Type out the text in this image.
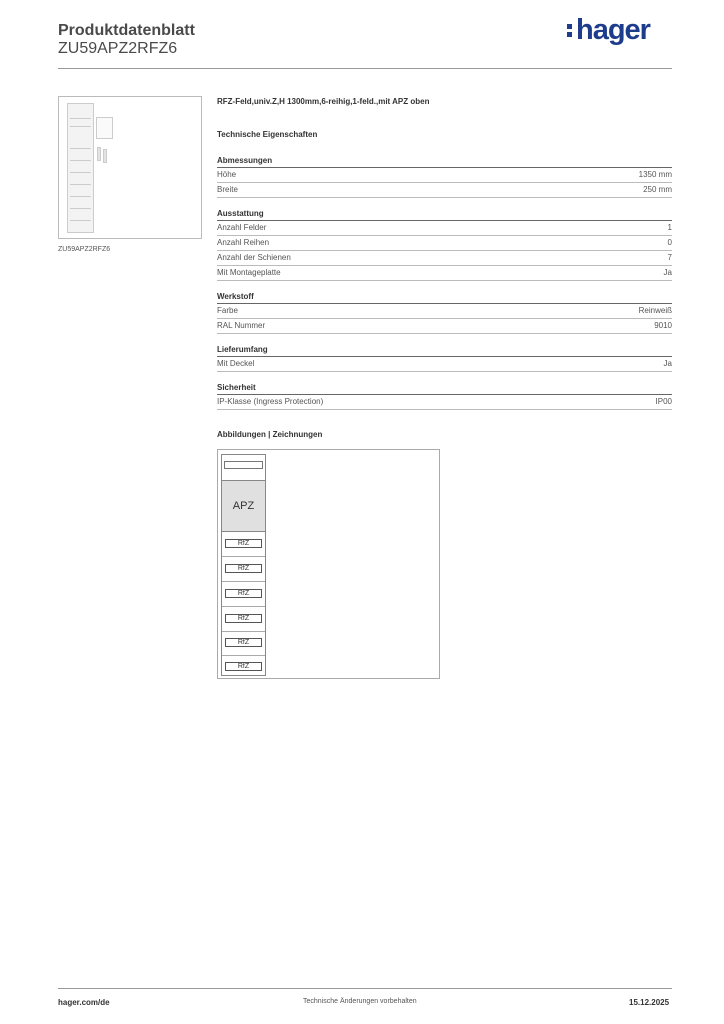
Produktdatenblatt
ZU59APZ2RFZ6
hager
ZU59APZ2RFZ6
RFZ-Feld,univ.Z,H 1300mm,6-reihig,1-feld.,mit APZ oben
Technische Eigenschaften
Abmessungen
Höhe	1350 mm
Breite	250 mm
Ausstattung
Anzahl Felder	1
Anzahl Reihen	0
Anzahl der Schienen	7
Mit Montageplatte	Ja
Werkstoff
Farbe	Reinweiß
RAL Nummer	9010
Lieferumfang
Mit Deckel	Ja
Sicherheit
IP-Klasse (Ingress Protection)	IP00
Abbildungen | Zeichnungen
APZ
RfZ
RfZ
RfZ
RfZ
RfZ
RfZ
hager.com/de	Technische Änderungen vorbehalten	15.12.2025
